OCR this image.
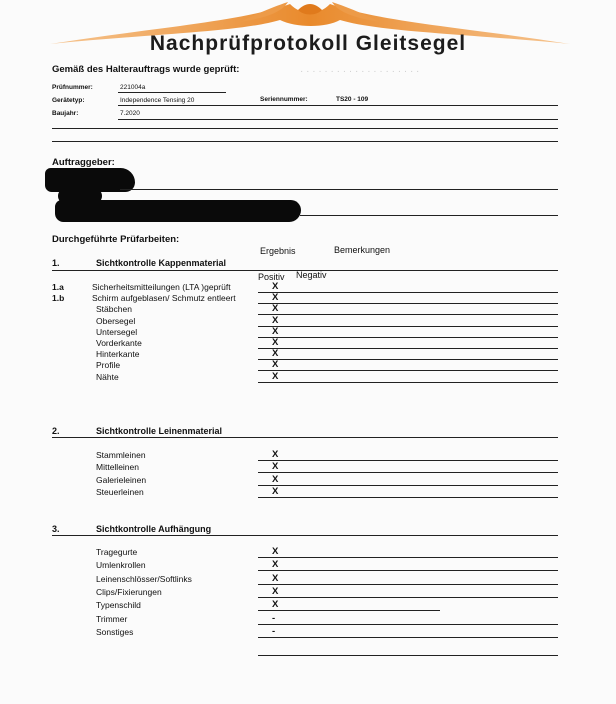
Nachprüfprotokoll Gleitsegel
Gemäß des Halterauftrags wurde geprüft:
Prüfnummer:	221004a
Gerätetyp:	Independence Tensing 20	Seriennummer:	TS20 - 109
Baujahr:	7.2020
· · · · · · · · · · · · · · · · · · · ·
Auftraggeber:
Durchgeführte Prüfarbeiten:
Ergebnis	Bemerkungen
1.	Sichtkontrolle Kappenmaterial
Positiv Negativ
2.	Sichtkontrolle Leinenmaterial
3.	Sichtkontrolle Aufhängung
1.a	Sicherheitsmitteilungen (LTA )geprüft	X
1.b	Schirm aufgeblasen/ Schmutz entleert	X
Stäbchen	X
Obersegel	X
Untersegel	X
Vorderkante	X
Hinterkante	X
Profile	X
Nähte	X
Stammleinen	X
Mittelleinen	X
Galerieleinen	X
Steuerleinen	X
Tragegurte	X
Umlenkrollen	X
Leinenschlösser/Softlinks	X
Clips/Fixierungen	X
Typenschild	X
Trimmer	-
Sonstiges	-
